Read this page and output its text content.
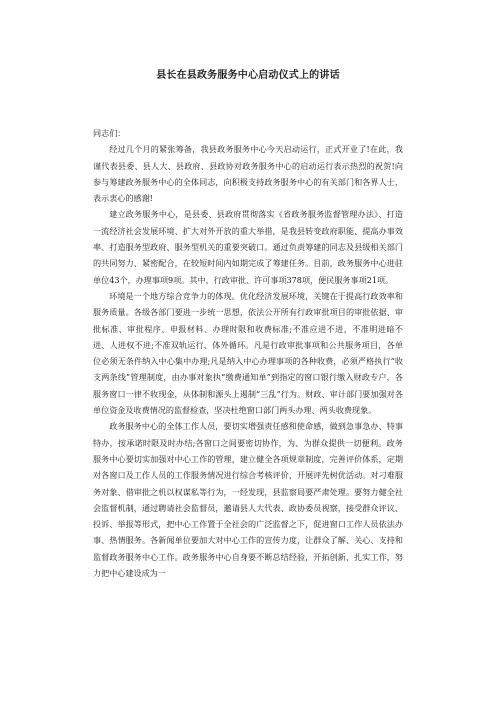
县长在县政务服务中心启动仪式上的讲话

同志们：

经过几个月的紧张筹备，我县政务服务中心今天启动运行，正式开业了!在此，我谨代表县委、县人大、县政府、县政协对政务服务中心的启动运行表示热烈的祝贺!向参与筹建政务服务中心的全体同志，向积极支持政务服务中心的有关部门和各界人士，表示衷心的感谢!

建立政务服务中心，是县委、县政府贯彻落实《省政务服务监督管理办法》、打造一流经济社会发展环境、扩大对外开放的重大举措，是我县转变政府职能、提高办事效率、打造服务型政府、服务型机关的重要突破口。通过负责筹建的同志及县级相关部门的共同努力、紧密配合，在较短时间内如期完成了筹建任务。目前，政务服务中心进驻单位43个，办理事项9项。其中，行政审批、许可事项378项，便民服务事项21项。

环境是一个地方综合竞争力的体现。优化经济发展环境，关键在于提高行政效率和服务质量。各级各部门要进一步统一思想，依法公开所有行政审批项目的审批依据、审批标准、审批程序、申报材料、办理时限和收费标准;不准应进不进，不准明进暗不进、人进权不进;不准双轨运行、体外循环。凡是行政审批事项和公共服务项目，各单位必须无条件纳入中心集中办理;凡是纳入中心办理事项的各种收费，必须严格执行“收支两条线”管理制度，由办事对象执“缴费通知单”到指定的窗口银行缴入财政专户，各服务窗口一律不收现金，从体制和源头上遏制“三乱”行为。财政、审计部门要加强对各单位资金及收费情况的监督检查，坚决杜绝窗口部门两头办理、两头收费现象。

政务服务中心的全体工作人员，要切实增强责任感和使命感，做到急事急办、特事特办，按承诺时限及时办结;各窗口之间要密切协作，为、为群众提供一切便利。政务服务中心要切实加强对中心工作的管理，建立健全各项规章制度，完善评价体系，定期对各窗口及工作人员的工作服务情况进行综合考核评价，开展评先树优活动。对刁难服务对象、借审批之机以权谋私等行为，一经发现，县监察局要严肃处理。要努力健全社会监督机制，通过聘请社会监督员，邀请县人大代表、政协委员视察，接受群众评议、投诉、举报等形式，把中心工作置于全社会的广泛监督之下，促进窗口工作人员依法办事、热情服务。各新闻单位要加大对中心工作的宣传力度，让群众了解、关心、支持和监督政务服务中心工作。政务服务中心自身要不断总结经验，开拓创新，扎实工作，努力把中心建设成为一
